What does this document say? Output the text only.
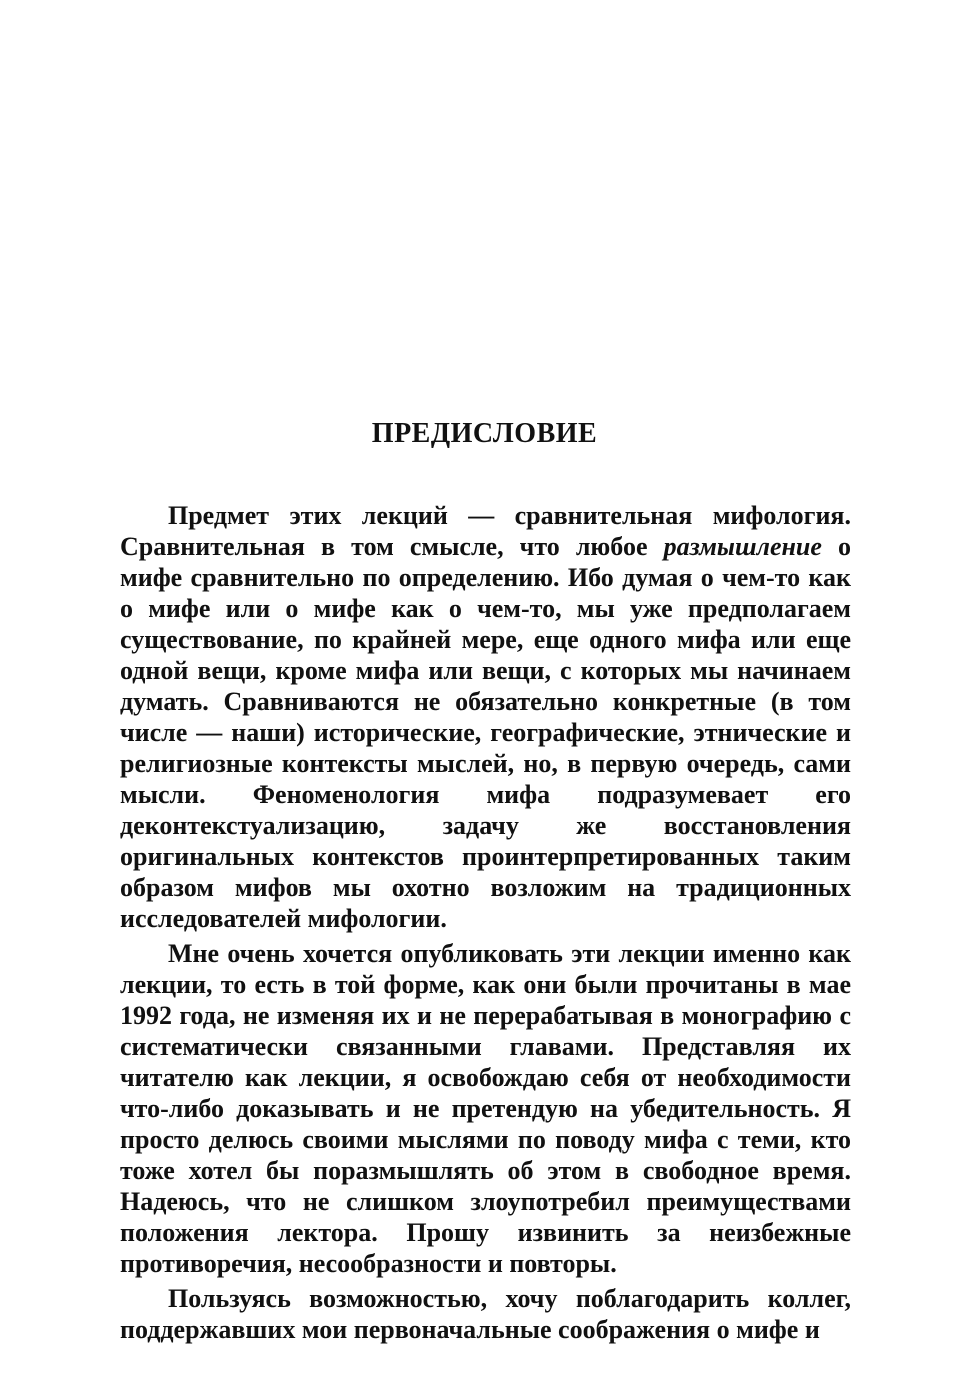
ПРЕДИСЛОВИЕ

Предмет этих лекций — сравнительная мифология. Сравнительная в том смысле, что любое размышление о мифе сравнительно по определению. Ибо думая о чем-то как о мифе или о мифе как о чем-то, мы уже предполагаем существование, по крайней мере, еще одного мифа или еще одной вещи, кроме мифа или вещи, с которых мы начинаем думать. Сравниваются не обязательно конкретные (в том числе — наши) исторические, географические, этнические и религиозные контексты мыслей, но, в первую очередь, сами мысли. Феноменология мифа подразумевает его деконтекстуализацию, задачу же восстановления оригинальных контекстов проинтерпретированных таким образом мифов мы охотно возложим на традиционных исследователей мифологии.

Мне очень хочется опубликовать эти лекции именно как лекции, то есть в той форме, как они были прочитаны в мае 1992 года, не изменяя их и не перерабатывая в монографию с систематически связанными главами. Представляя их читателю как лекции, я освобождаю себя от необходимости что-либо доказывать и не претендую на убедительность. Я просто делюсь своими мыслями по поводу мифа с теми, кто тоже хотел бы поразмышлять об этом в свободное время. Надеюсь, что не слишком злоупотребил преимуществами положения лектора. Прошу извинить за неизбежные противоречия, несообразности и повторы.

Пользуясь возможностью, хочу поблагодарить коллег, поддержавших мои первоначальные соображения о мифе и
